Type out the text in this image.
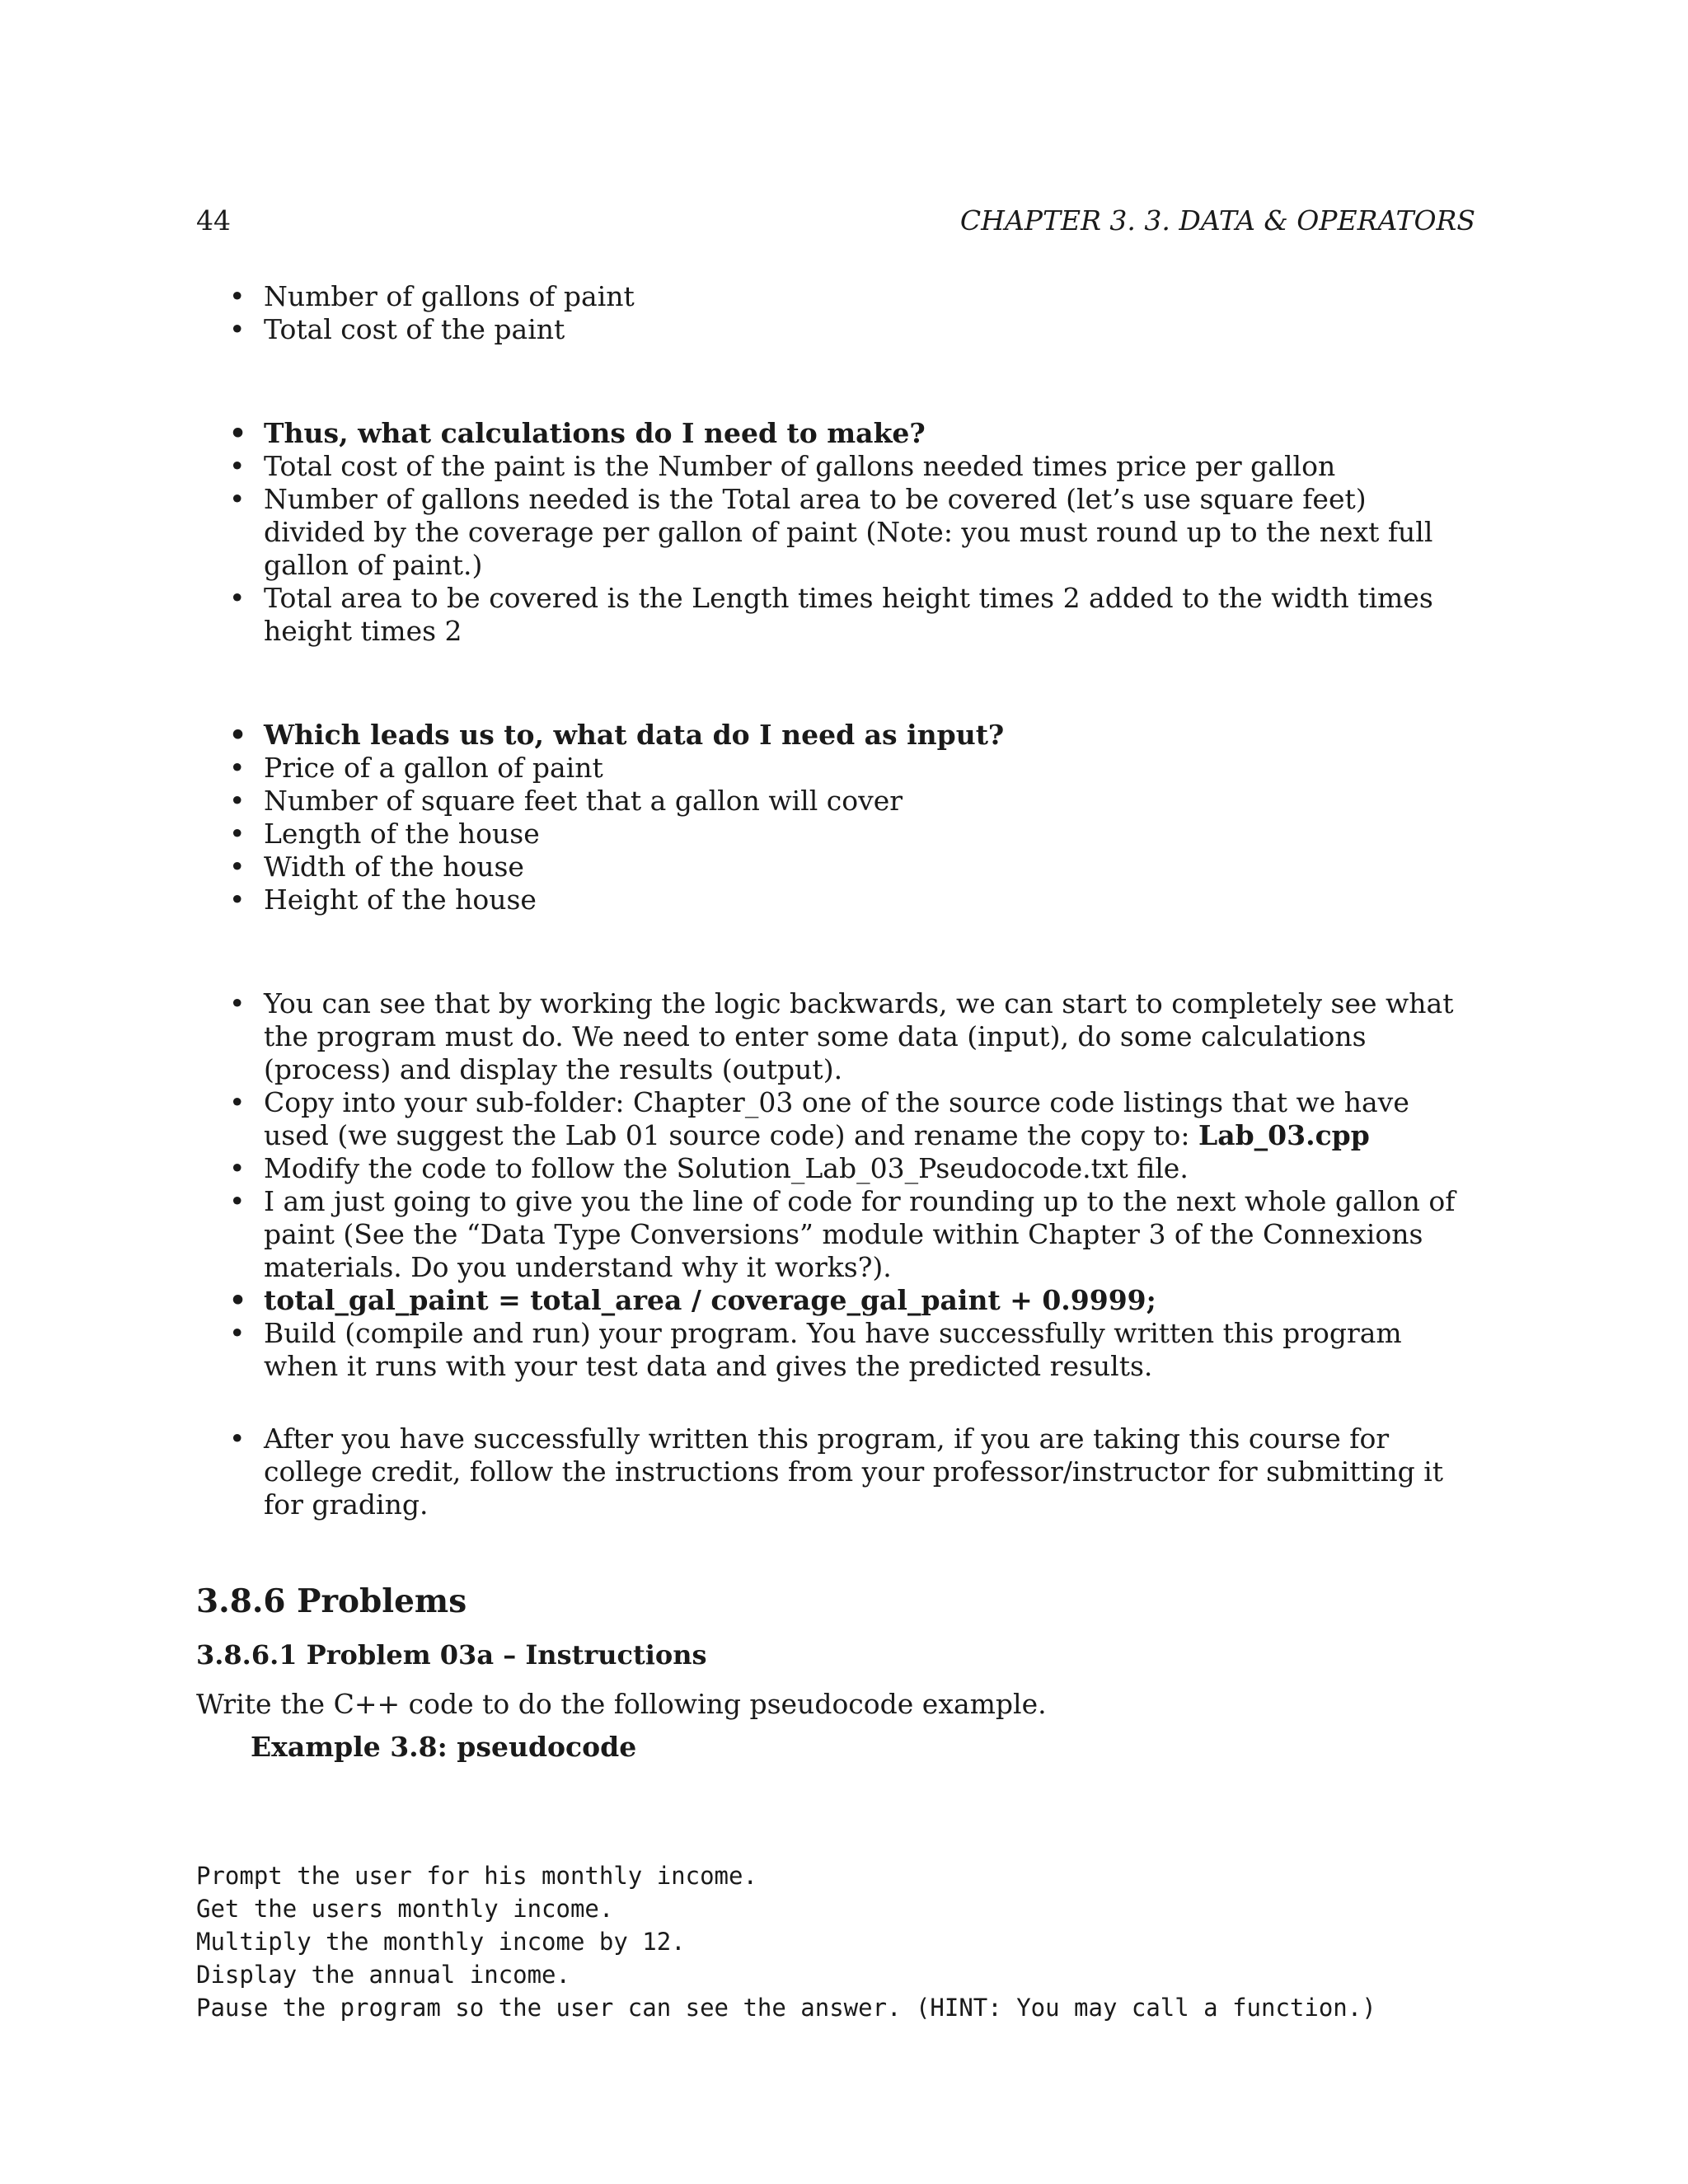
44	CHAPTER 3. 3. DATA & OPERATORS
• Number of gallons of paint
• Total cost of the paint
• Thus, what calculations do I need to make?
• Total cost of the paint is the Number of gallons needed times price per gallon
• Number of gallons needed is the Total area to be covered (let’s use square feet) divided by the coverage per gallon of paint (Note: you must round up to the next full gallon of paint.)
• Total area to be covered is the Length times height times 2 added to the width times height times 2
• Which leads us to, what data do I need as input?
• Price of a gallon of paint
• Number of square feet that a gallon will cover
• Length of the house
• Width of the house
• Height of the house
• You can see that by working the logic backwards, we can start to completely see what the program must do. We need to enter some data (input), do some calculations (process) and display the results (output).
• Copy into your sub-folder: Chapter_03 one of the source code listings that we have used (we suggest the Lab 01 source code) and rename the copy to: Lab_03.cpp
• Modify the code to follow the Solution_Lab_03_Pseudocode.txt file.
• I am just going to give you the line of code for rounding up to the next whole gallon of paint (See the “Data Type Conversions” module within Chapter 3 of the Connexions materials. Do you understand why it works?).
• total_gal_paint = total_area / coverage_gal_paint + 0.9999;
• Build (compile and run) your program. You have successfully written this program when it runs with your test data and gives the predicted results.
• After you have successfully written this program, if you are taking this course for college credit, follow the instructions from your professor/instructor for submitting it for grading.
3.8.6 Problems
3.8.6.1 Problem 03a – Instructions
Write the C++ code to do the following pseudocode example.
Example 3.8: pseudocode
Prompt the user for his monthly income.
Get the users monthly income.
Multiply the monthly income by 12.
Display the annual income.
Pause the program so the user can see the answer. (HINT: You may call a function.)
